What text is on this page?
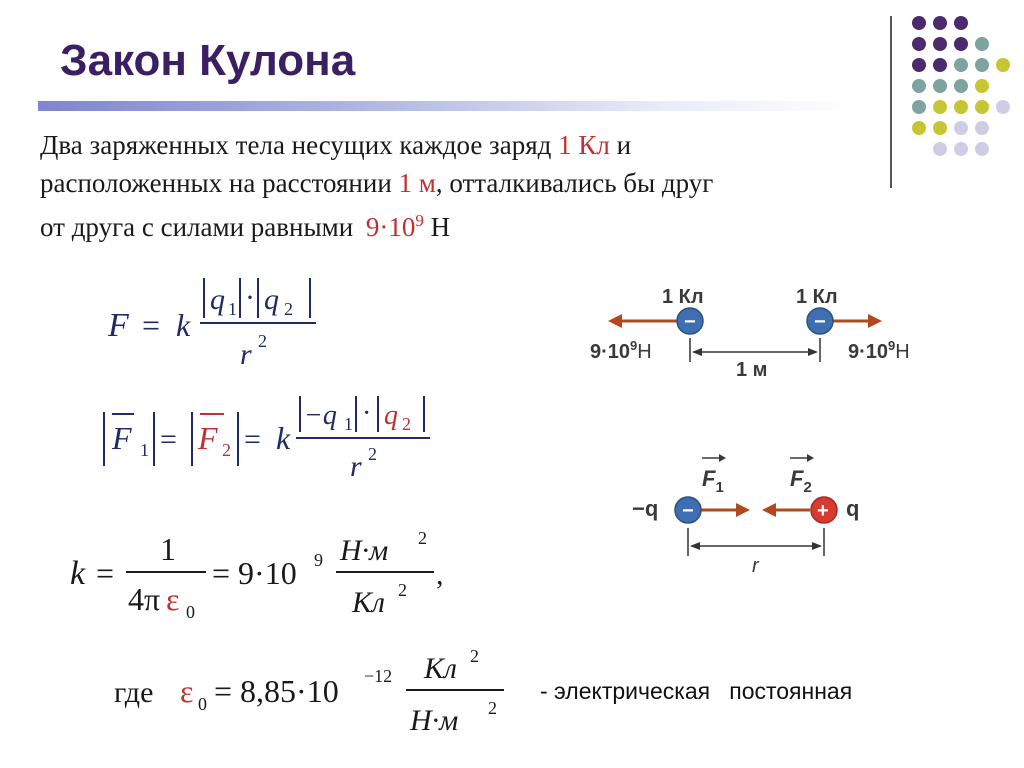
Закон Кулона
Два заряженных тела несущих каждое заряд 1 Кл и
расположенных на расстоянии 1 м, отталкивались бы друг
от друга с силами равными $9\cdot 10^9$ Н
F = k
q 1 · q 2
r 2
F 1 = F 2 = k
−q 1 · q 2
r 2
k =
1
4π ε 0
= 9·10 9 Н·м 2
Кл 2 ,
где ε 0 = 8,85·10 −12 Кл 2
Н·м 2
1 Кл	1 Кл
−	−
$9\cdot 10^9Н$	$9\cdot 10^9Н$
1 м
−q	q
$F_1$	$F_2$
−	+
r
- электрическая   постоянная
